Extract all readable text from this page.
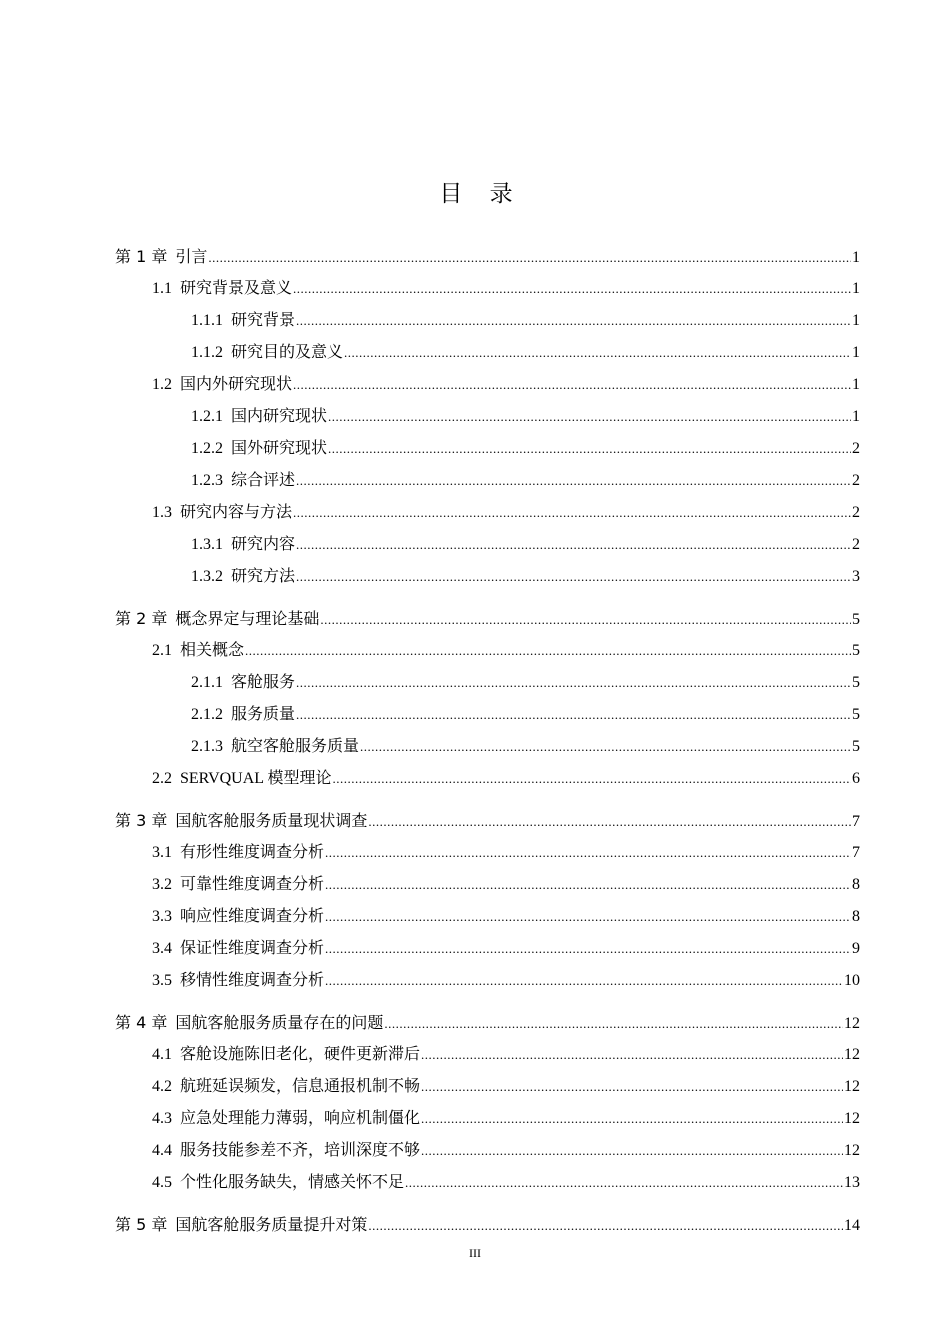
目 录
第 1 章 引言 .....	1
1.1 研究背景及意义 .....	1
1.1.1 研究背景 .....	1
1.1.2 研究目的及意义 .....	1
1.2 国内外研究现状 .....	1
1.2.1 国内研究现状 .....	1
1.2.2 国外研究现状 .....	2
1.2.3 综合评述 .....	2
1.3 研究内容与方法 .....	2
1.3.1 研究内容 .....	2
1.3.2 研究方法 .....	3
第 2 章 概念界定与理论基础 .....	5
2.1 相关概念 .....	5
2.1.1 客舱服务 .....	5
2.1.2 服务质量 .....	5
2.1.3 航空客舱服务质量 .....	5
2.2 SERVQUAL 模型理论 .....	6
第 3 章 国航客舱服务质量现状调查 .....	7
3.1 有形性维度调查分析 .....	7
3.2 可靠性维度调查分析 .....	8
3.3 响应性维度调查分析 .....	8
3.4 保证性维度调查分析 .....	9
3.5 移情性维度调查分析 .....	10
第 4 章 国航客舱服务质量存在的问题 .....	12
4.1 客舱设施陈旧老化，硬件更新滞后 .....	12
4.2 航班延误频发，信息通报机制不畅 .....	12
4.3 应急处理能力薄弱，响应机制僵化 .....	12
4.4 服务技能参差不齐，培训深度不够 .....	12
4.5 个性化服务缺失，情感关怀不足 .....	13
第 5 章 国航客舱服务质量提升对策 .....	14
III
